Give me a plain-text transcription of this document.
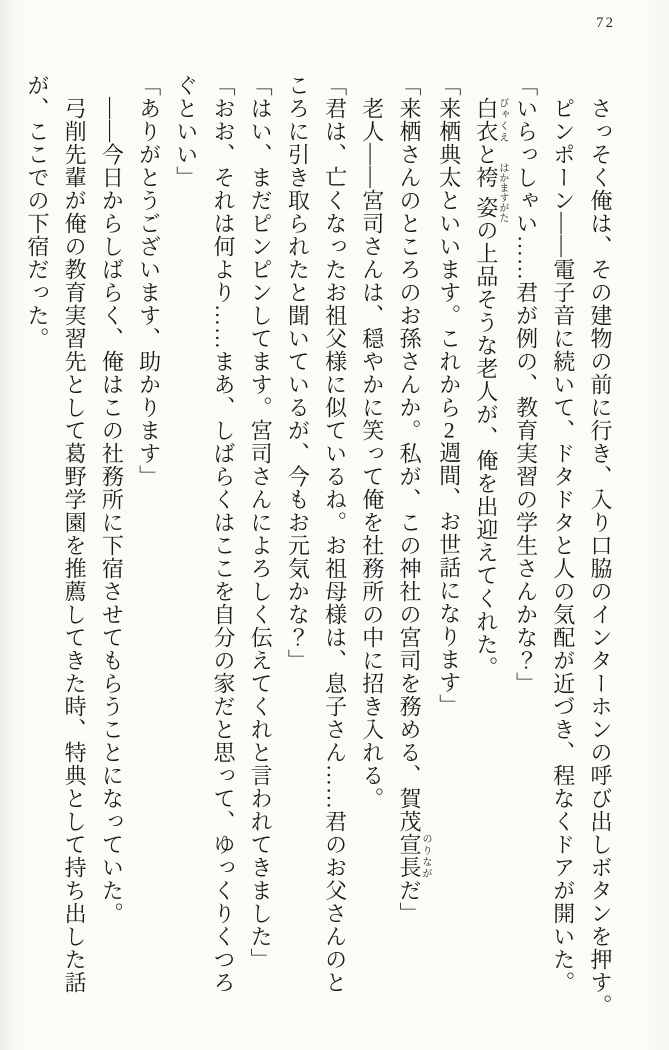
72

さっそく俺は、その建物の前に行き、入り口脇のインターホンの呼び出しボタンを押す。

ピンポーン――電子音に続いて、ドタドタと人の気配が近づき、程なくドアが開いた。

「いらっしゃい……君が例の、教育実習の学生さんかな？」

白衣びゃくえと袴姿はかますがたの上品そうな老人が、俺を出迎えてくれた。

「来栖典太といいます。これから2週間、お世話になります」

「来栖さんのところのお孫さんか。私が、この神社の宮司を務める、賀茂宣長のりながだ」

老人――宮司さんは、穏やかに笑って俺を社務所の中に招き入れる。

「君は、亡くなったお祖父様に似ているね。お祖母様は、息子さん……君のお父さんのと

ころに引き取られたと聞いているが、今もお元気かな？」

「はい、まだピンピンしてます。宮司さんによろしく伝えてくれと言われてきました」

「おお、それは何より……まあ、しばらくはここを自分の家だと思って、ゆっくりくつろ

ぐといい」

「ありがとうございます、助かります」

――今日からしばらく、俺はこの社務所に下宿させてもらうことになっていた。

弓削先輩が俺の教育実習先として葛野学園を推薦してきた時、特典として持ち出した話

が、ここでの下宿だった。
